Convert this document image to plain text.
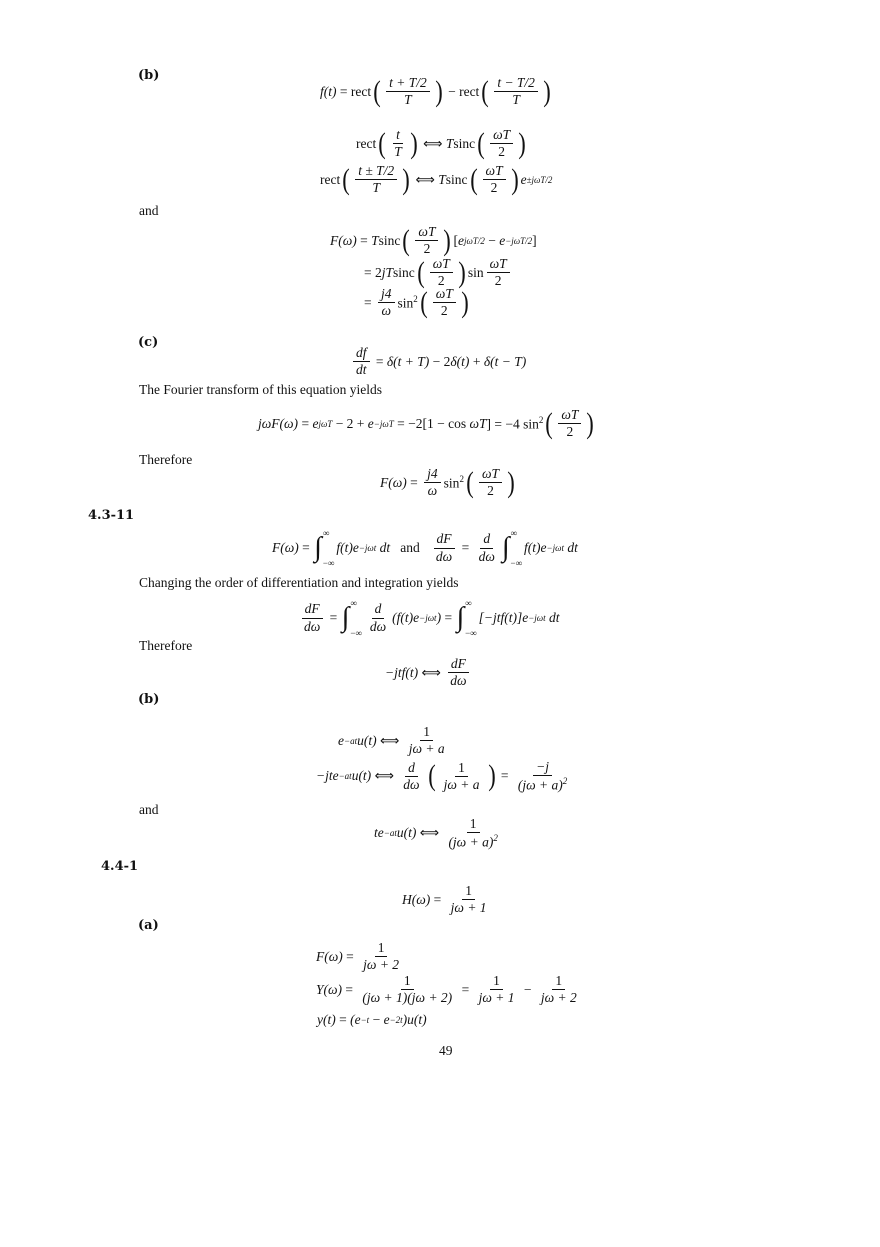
(b)
and
(c)
The Fourier transform of this equation yields
Therefore
4.3-11
Changing the order of differentiation and integration yields
Therefore
(b)
and
4.4-1
(a)
f(t) = rect ( $\frac{t + T/2}{T}$ ) − rect ( $\frac{t - T/2}{T}$ )
rect ( $\frac{t}{T}$ ) ⟺ T sinc ( $\frac{\omega T}{2}$ )
rect ( $\frac{t \pm T/2}{T}$ ) ⟺ T sinc ( $\frac{\omega T}{2}$ ) e ±jωT/2
F(ω) = T sinc ( $\frac{\omega T}{2}$ ) [ e jωT/2 − e −jωT/2 ]
= 2 jT sinc ( $\frac{\omega T}{2}$ ) $\sin \frac{\omega T}{2}$
= $\frac{j4}{\omega} \sin^2$ ( $\frac{\omega T}{2}$ )
$\frac{df}{dt} = \delta(t + T) - 2$ δ(t) + δ(t − T)
jωF(ω) = e jωT − 2 + e −jωT = −2[1 − cos ωT ] = −4 $\sin^2$ ( $\frac{\omega T}{2}$ )
$F(\omega) = \frac{j4}{\omega} \sin^2$ ( $\frac{\omega T}{2}$ )
F(ω) = ∫ ∞
−∞
f(t)e −jωt dt and $\frac{dF}{d\omega} = \frac{d}{d\omega}$ ∫ ∞
−∞
f(t)e −jωt dt
$\frac{dF}{d\omega}$ = ∫ ∞
−∞ $\frac{d}{d\omega} (f(t)e -j\omega t$ ) = ∫ ∞
−∞
[−jtf(t)]e −jωt dt
−jtf(t) ⟺ $\frac{dF}{d\omega}$
e −at u(t) ⟺ $\frac{1}{j\omega + a}$
−jte −at u(t) ⟺ $\frac{d}{d\omega}$ ( $\frac{1}{j\omega + a}$ ) = $\frac{-j}{(j\omega + a)^2}$
te −at u(t) ⟺ $\frac{1}{(j\omega + a)^2}$
$H(\omega) = \frac{1}{j\omega + 1}$
$F(\omega) = \frac{1}{j\omega + 2}$
$Y(\omega) = \frac{1}{(j\omega + 1)(j\omega + 2)} = \frac{1}{j\omega + 1} - \frac{1}{j\omega + 2}$
y(t) = (e −t − e −2t )u(t)
49
